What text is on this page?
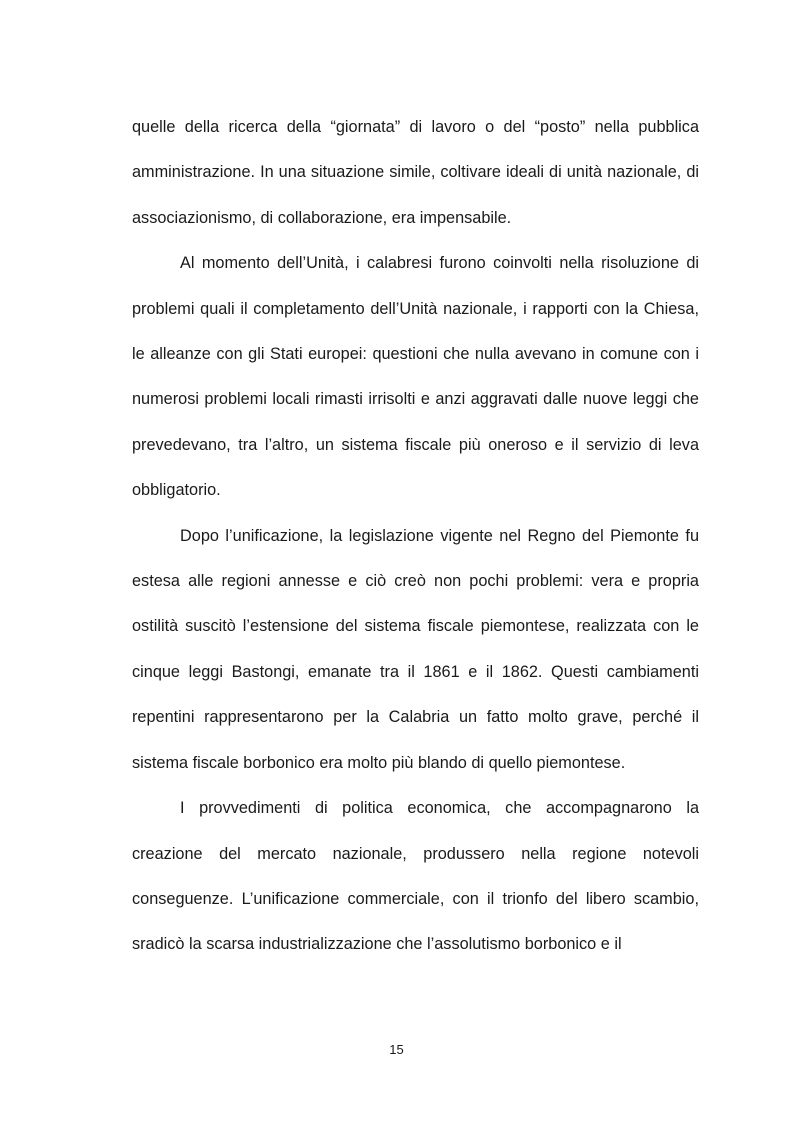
quelle della ricerca della “giornata” di lavoro o del “posto” nella pubblica amministrazione. In una situazione simile, coltivare ideali di unità nazionale, di associazionismo, di collaborazione, era impensabile.

Al momento dell’Unità, i calabresi furono coinvolti nella risoluzione di problemi quali il completamento dell’Unità nazionale, i rapporti con la Chiesa, le alleanze con gli Stati europei: questioni che nulla avevano in comune con i numerosi problemi locali rimasti irrisolti e anzi aggravati dalle nuove leggi che prevedevano, tra l’altro, un sistema fiscale più oneroso e il servizio di leva obbligatorio.

Dopo l’unificazione, la legislazione vigente nel Regno del Piemonte fu estesa alle regioni annesse e ciò creò non pochi problemi: vera e propria ostilità suscitò l’estensione del sistema fiscale piemontese, realizzata con le cinque leggi Bastongi, emanate tra il 1861 e il 1862. Questi cambiamenti repentini rappresentarono per la Calabria un fatto molto grave, perché il sistema fiscale borbonico era molto più blando di quello piemontese.

I provvedimenti di politica economica, che accompagnarono la creazione del mercato nazionale, produssero nella regione notevoli conseguenze. L’unificazione commerciale, con il trionfo del libero scambio, sradicò la scarsa industrializzazione che l’assolutismo borbonico e il

15
